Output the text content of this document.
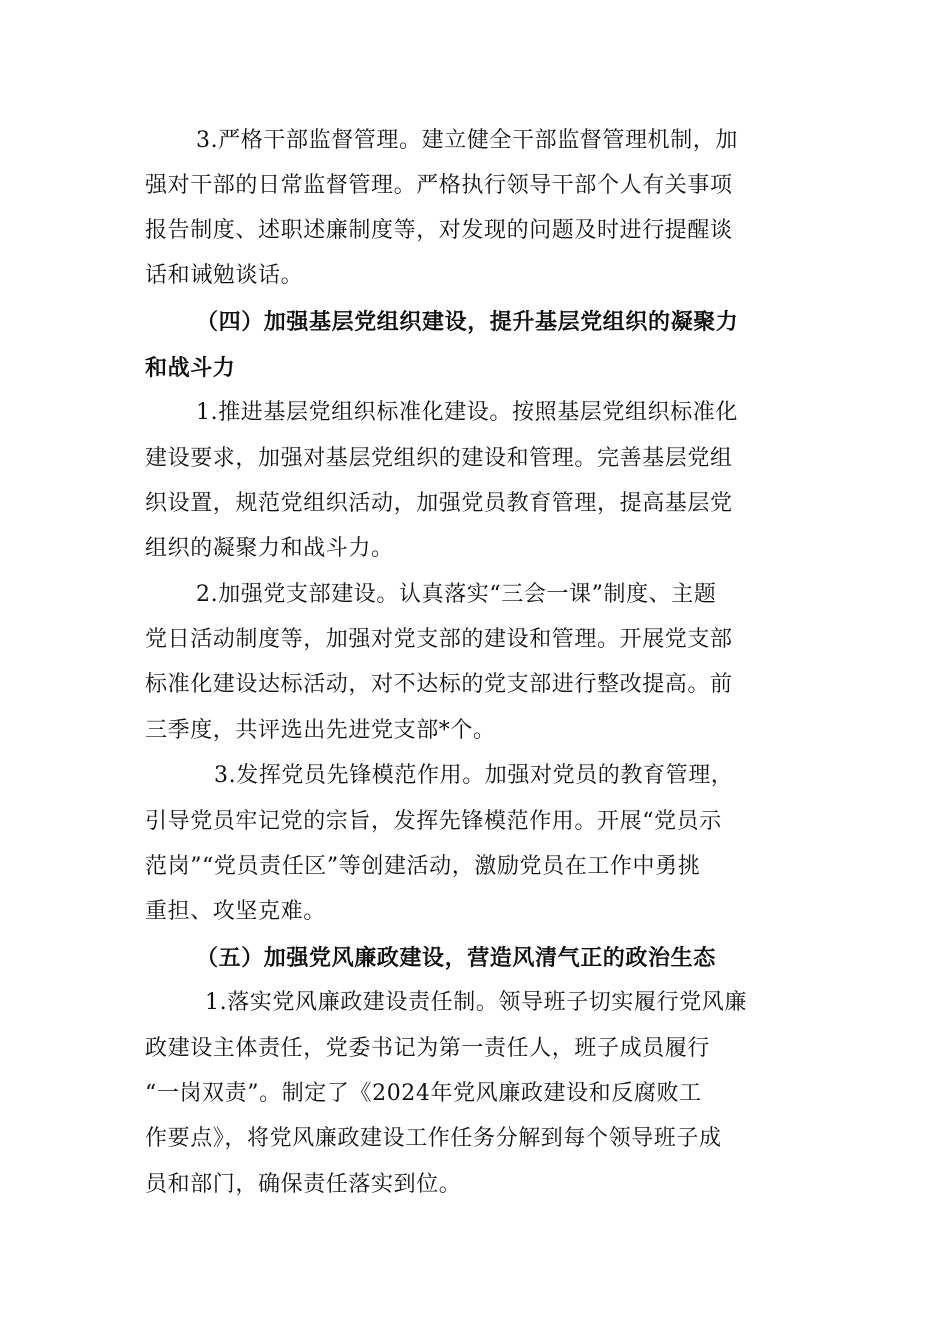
3.严格干部监督管理。建立健全干部监督管理机制，加
强对干部的日常监督管理。严格执行领导干部个人有关事项
报告制度、述职述廉制度等，对发现的问题及时进行提醒谈
话和诫勉谈话。
（四）加强基层党组织建设，提升基层党组织的凝聚力
和战斗力
1.推进基层党组织标准化建设。按照基层党组织标准化
建设要求，加强对基层党组织的建设和管理。完善基层党组
织设置，规范党组织活动，加强党员教育管理，提高基层党
组织的凝聚力和战斗力。
2.加强党支部建设。认真落实“三会一课”制度、主题
党日活动制度等，加强对党支部的建设和管理。开展党支部
标准化建设达标活动，对不达标的党支部进行整改提高。前
三季度，共评选出先进党支部*个。
3.发挥党员先锋模范作用。加强对党员的教育管理，
引导党员牢记党的宗旨，发挥先锋模范作用。开展“党员示
范岗”“党员责任区”等创建活动，激励党员在工作中勇挑
重担、攻坚克难。
（五）加强党风廉政建设，营造风清气正的政治生态
1.落实党风廉政建设责任制。领导班子切实履行党风廉
政建设主体责任，党委书记为第一责任人，班子成员履行
“一岗双责”。制定了《2024年党风廉政建设和反腐败工
作要点》，将党风廉政建设工作任务分解到每个领导班子成
员和部门，确保责任落实到位。
